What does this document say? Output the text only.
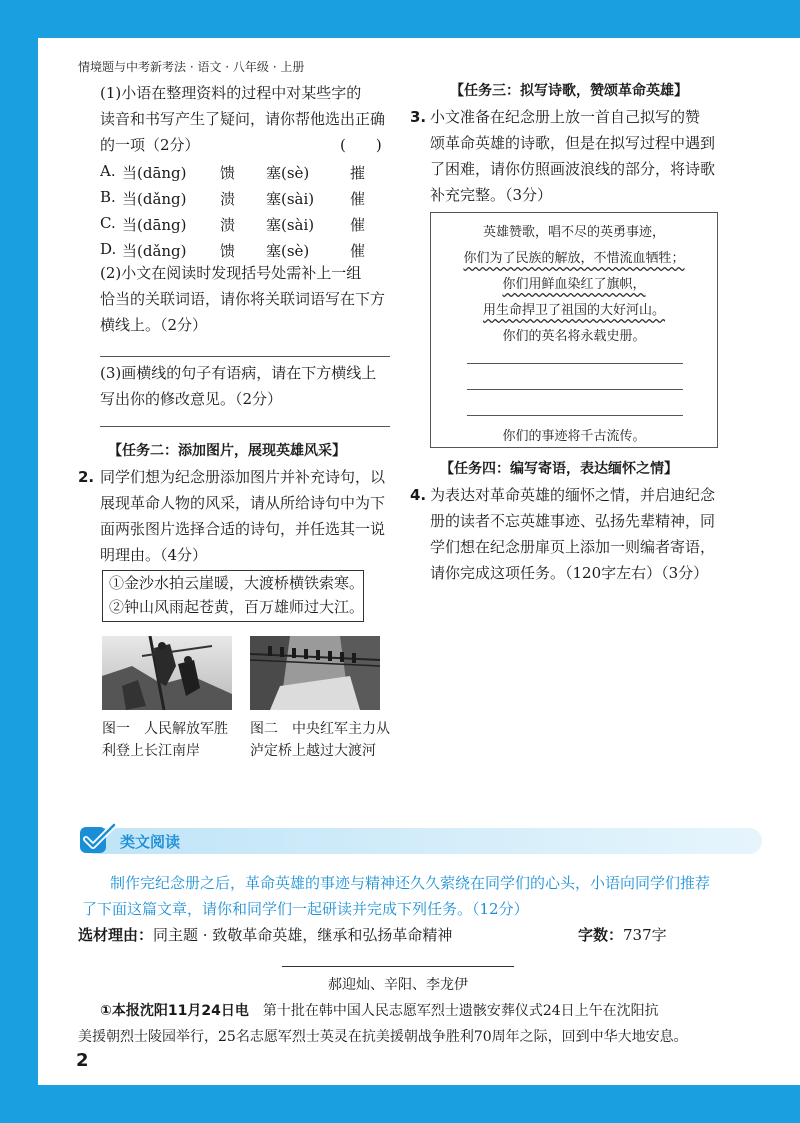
情境题与中考新考法 · 语文 · 八年级 · 上册
(1)小语在整理资料的过程中对某些字的
读音和书写产生了疑问，请你帮他选出正确
的一项（2分）	(　　)
A. 当(dāng) 馈 塞(sè)	摧
B. 当(dǎng) 溃 塞(sài) 催
C. 当(dāng) 溃 塞(sài) 催
D. 当(dǎng) 馈 塞(sè)	催
(2)小文在阅读时发现括号处需补上一组
恰当的关联词语，请你将关联词语写在下方
横线上。（2分）
(3)画横线的句子有语病，请在下方横线上
写出你的修改意见。（2分）
【任务二：添加图片，展现英雄风采】
2. 同学们想为纪念册添加图片并补充诗句，以
展现革命人物的风采，请从所给诗句中为下
面两张图片选择合适的诗句，并任选其一说
明理由。（4分）
①金沙水拍云崖暖，大渡桥横铁索寒。
②钟山风雨起苍黄，百万雄师过大江。
图一　人民解放军胜
利登上长江南岸
图二　中央红军主力从
泸定桥上越过大渡河
【任务三：拟写诗歌，赞颂革命英雄】
3. 小文准备在纪念册上放一首自己拟写的赞
颂革命英雄的诗歌，但是在拟写过程中遇到
了困难，请你仿照画波浪线的部分，将诗歌
补充完整。（3分）
英雄赞歌，唱不尽的英勇事迹，
你们为了民族的解放，不惜流血牺牲；
你们用鲜血染红了旗帜，
用生命捍卫了祖国的大好河山。
你们的英名将永载史册。
你们的事迹将千古流传。
【任务四：编写寄语，表达缅怀之情】
4. 为表达对革命英雄的缅怀之情，并启迪纪念
册的读者不忘英雄事迹、弘扬先辈精神，同
学们想在纪念册扉页上添加一则编者寄语，
请你完成这项任务。（120字左右）（3分）
类文阅读
制作完纪念册之后，革命英雄的事迹与精神还久久萦绕在同学们的心头，小语向同学们推荐
了下面这篇文章，请你和同学们一起研读并完成下列任务。（12分）
选材理由：同主题 · 致敬革命英雄，继承和弘扬革命精神	字数：737字
郝迎灿、辛阳、李龙伊
①本报沈阳11月24日电　第十批在韩中国人民志愿军烈士遗骸安葬仪式24日上午在沈阳抗
美援朝烈士陵园举行，25名志愿军烈士英灵在抗美援朝战争胜利70周年之际，回到中华大地安息。
2
